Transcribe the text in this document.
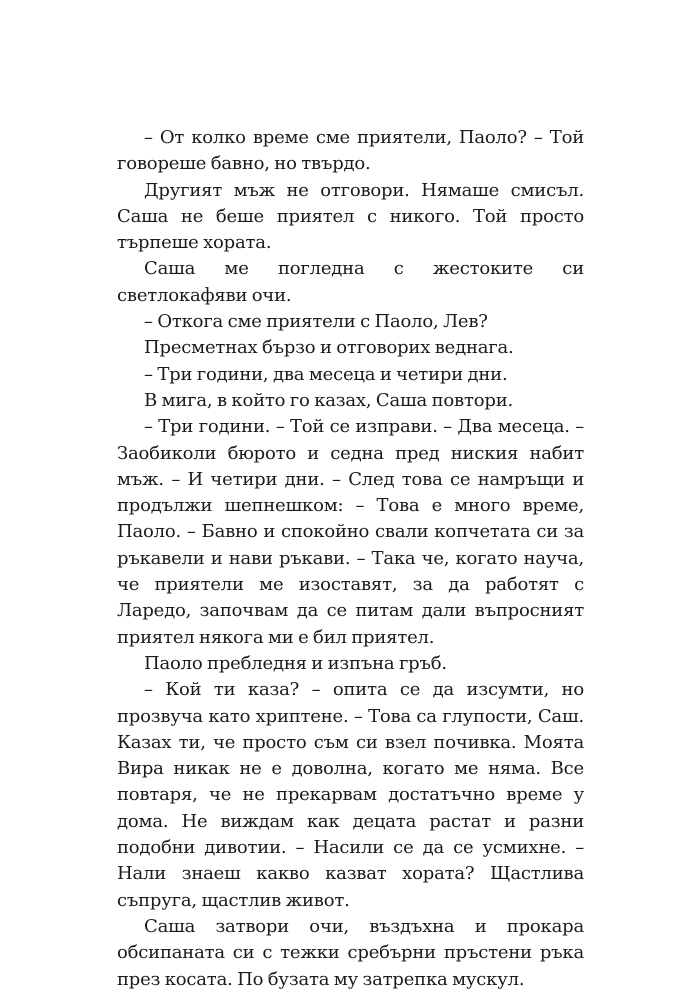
– От колко време сме приятели, Паоло? – Той говореше бавно, но твърдо.

Другият мъж не отговори. Нямаше смисъл. Саша не беше приятел с никого. Той просто търпеше хората.

Саша ме погледна с жестоките си светлокафяви очи.

– Откога сме приятели с Паоло, Лев?

Пресметнах бързо и отговорих веднага.

– Три години, два месеца и четири дни.

В мига, в който го казах, Саша повтори.

– Три години. – Той се изправи. – Два месеца. – Заобиколи бюрото и седна пред ниския набит мъж. – И четири дни. – След това се намръщи и продължи шепнешком: – Това е много време, Паоло. – Бавно и спокойно свали копчетата си за ръкавели и нави ръкави. – Така че, когато науча, че приятели ме изоставят, за да работят с Ларедо, започвам да се питам дали въпросният приятел някога ми е бил приятел.

Паоло пребледня и изпъна гръб.

– Кой ти каза? – опита се да изсумти, но прозвуча като хриптене. – Това са глупости, Саш. Казах ти, че просто съм си взел почивка. Моята Вира никак не е доволна, когато ме няма. Все повтаря, че не прекарвам достатъчно време у дома. Не виждам как децата растат и разни подобни дивотии. – Насили се да се усмихне. – Нали знаеш какво казват хората? Щастлива съпруга, щастлив живот.

Саша затвори очи, въздъхна и прокара обсипаната си с тежки сребърни пръстени ръка през косата. По бузата му затрепка мускул.
